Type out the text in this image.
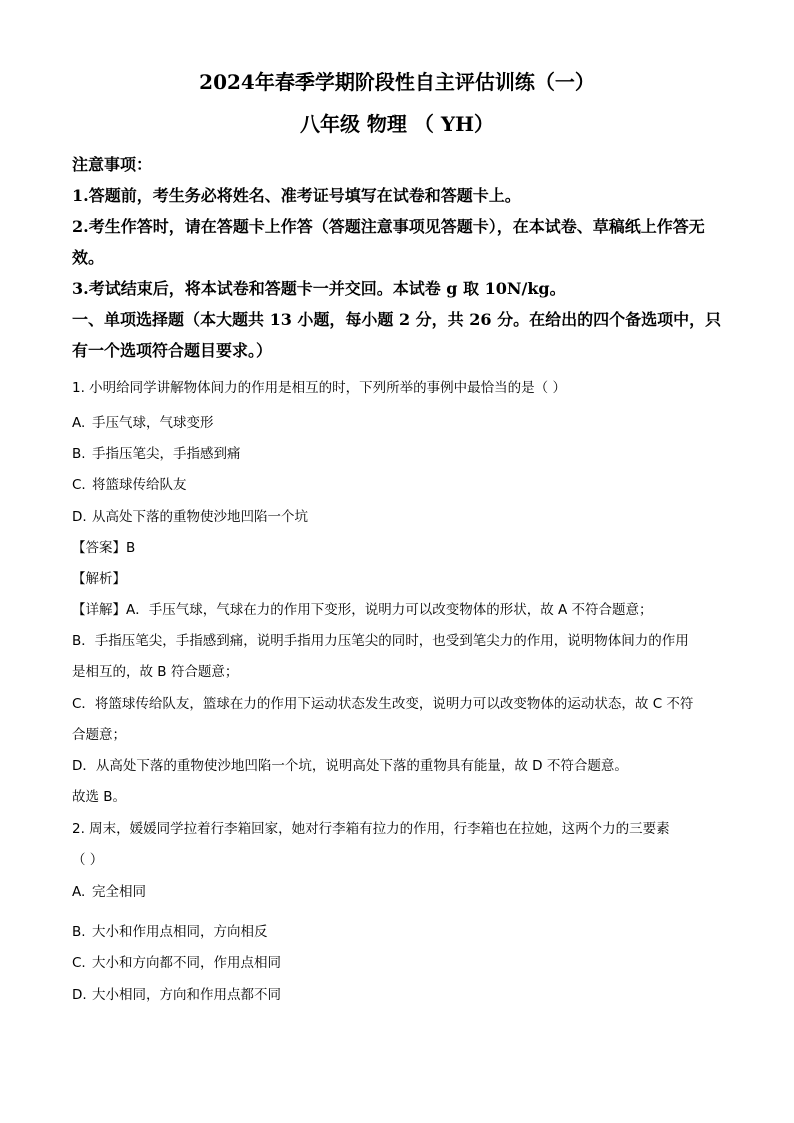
2024年春季学期阶段性自主评估训练（一）
八年级 物理 （ YH）
注意事项：
1.答题前，考生务必将姓名、准考证号填写在试卷和答题卡上。
2.考生作答时，请在答题卡上作答（答题注意事项见答题卡），在本试卷、草稿纸上作答无
效。
3.考试结束后，将本试卷和答题卡一并交回。本试卷 g 取 10N/kg。
一、单项选择题（本大题共 13 小题，每小题 2 分，共 26 分。在给出的四个备选项中，只
有一个选项符合题目要求。）
1. 小明给同学讲解物体间力的作用是相互的时，下列所举的事例中最恰当的是（ ）
A. 手压气球，气球变形
B. 手指压笔尖，手指感到痛
C. 将篮球传给队友
D. 从高处下落的重物使沙地凹陷一个坑
【答案】B
【解析】
【详解】A．手压气球，气球在力的作用下变形，说明力可以改变物体的形状，故 A 不符合题意；
B．手指压笔尖，手指感到痛，说明手指用力压笔尖的同时，也受到笔尖力的作用，说明物体间力的作用
是相互的，故 B 符合题意；
C．将篮球传给队友，篮球在力的作用下运动状态发生改变，说明力可以改变物体的运动状态，故 C 不符
合题意；
D．从高处下落的重物使沙地凹陷一个坑，说明高处下落的重物具有能量，故 D 不符合题意。
故选 B。
2. 周末，媛媛同学拉着行李箱回家，她对行李箱有拉力的作用，行李箱也在拉她，这两个力的三要素
（ ）
A. 完全相同
B. 大小和作用点相同，方向相反
C. 大小和方向都不同，作用点相同
D. 大小相同，方向和作用点都不同
